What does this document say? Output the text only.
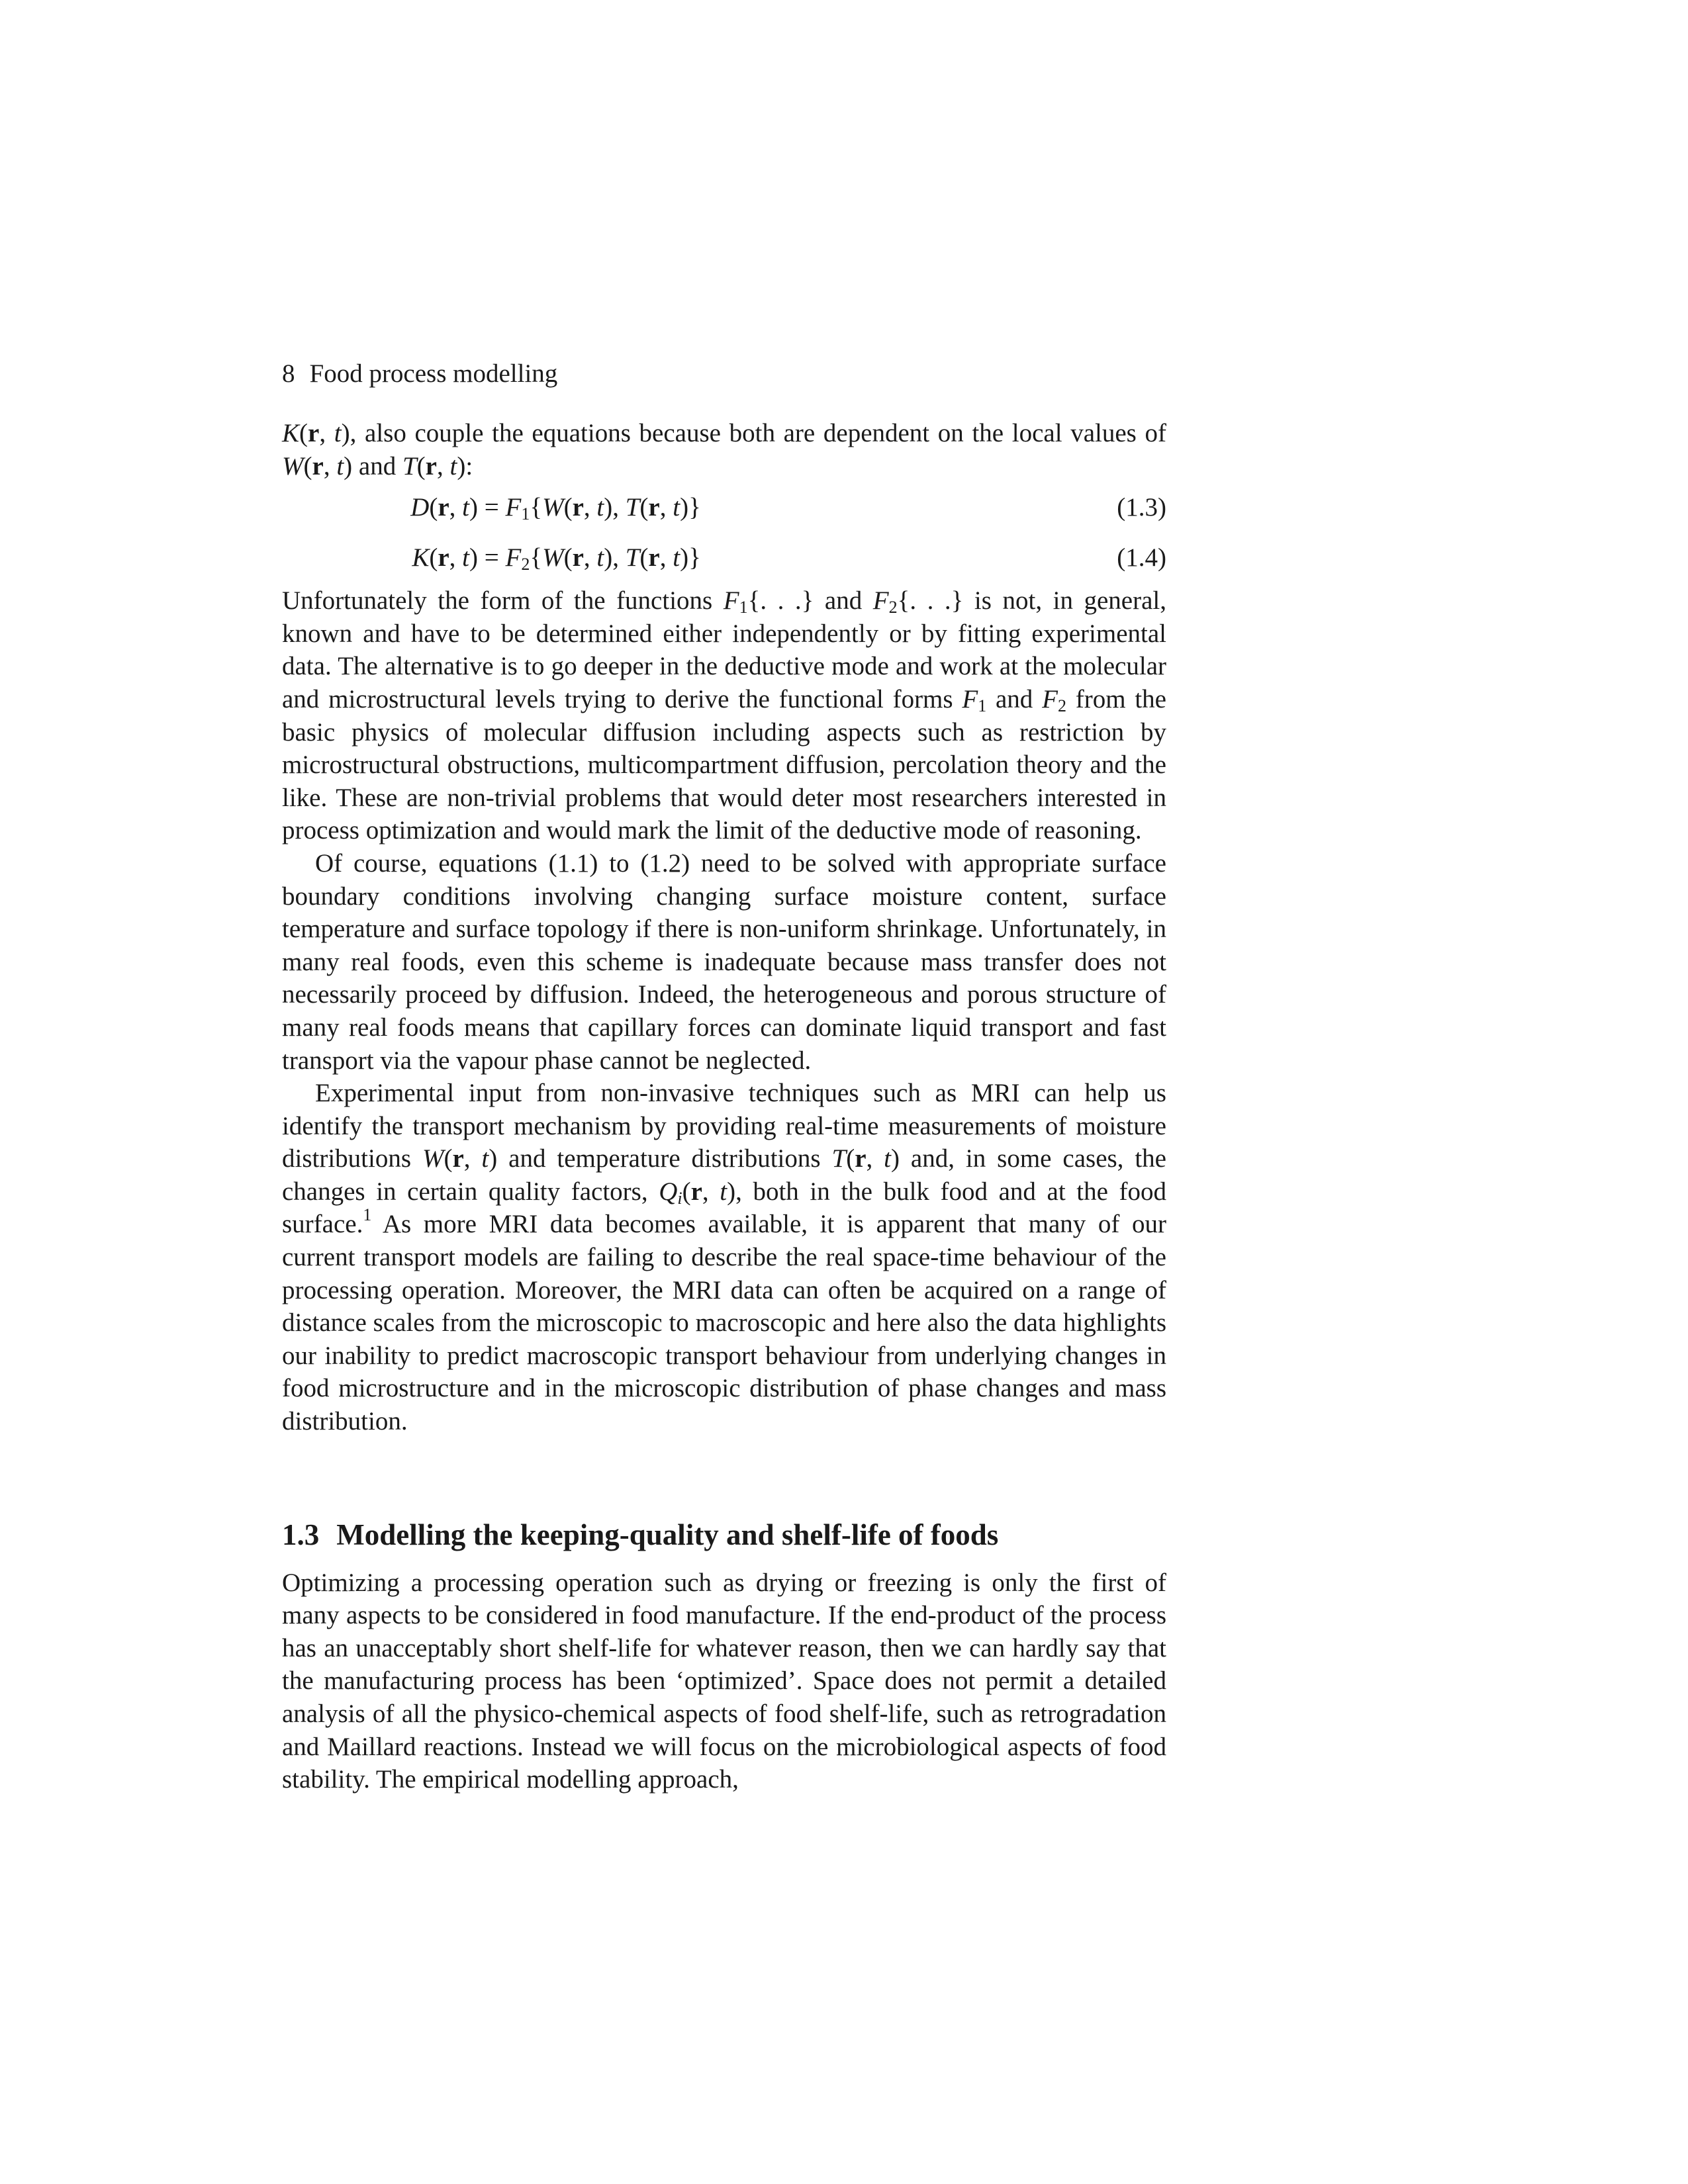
8 Food process modelling

K(r, t), also couple the equations because both are dependent on the local values of W(r, t) and T(r, t):

D(r, $t) = F_1\{W(r$, t), T(r, t)}	(1.3)
K(r, $t) = F_2\{W(r$, t), T(r, t)}	(1.4)

Unfortunately the form of the functions $F_1${. . .} and $F_2${. . .} is not, in general, known and have to be determined either independently or by fitting experimental data. The alternative is to go deeper in the deductive mode and work at the molecular and microstructural levels trying to derive the functional forms $F_1$ and $F_2$ from the basic physics of molecular diffusion including aspects such as restriction by microstructural obstructions, multicompartment diffusion, percolation theory and the like. These are non-trivial problems that would deter most researchers interested in process optimization and would mark the limit of the deductive mode of reasoning.

Of course, equations (1.1) to (1.2) need to be solved with appropriate surface boundary conditions involving changing surface moisture content, surface temperature and surface topology if there is non-uniform shrinkage. Unfortunately, in many real foods, even this scheme is inadequate because mass transfer does not necessarily proceed by diffusion. Indeed, the heterogeneous and porous structure of many real foods means that capillary forces can dominate liquid transport and fast transport via the vapour phase cannot be neglected.

Experimental input from non-invasive techniques such as MRI can help us identify the transport mechanism by providing real-time measurements of moisture distributions W(r, t) and temperature distributions T(r, t) and, in some cases, the changes in certain quality factors, $Q_i(r$, t), both in the bulk food and at the food surface.$^1$ As more MRI data becomes available, it is apparent that many of our current transport models are failing to describe the real space-time behaviour of the processing operation. Moreover, the MRI data can often be acquired on a range of distance scales from the microscopic to macroscopic and here also the data highlights our inability to predict macroscopic transport behaviour from underlying changes in food microstructure and in the microscopic distribution of phase changes and mass distribution.

1.3 Modelling the keeping-quality and shelf-life of foods

Optimizing a processing operation such as drying or freezing is only the first of many aspects to be considered in food manufacture. If the end-product of the process has an unacceptably short shelf-life for whatever reason, then we can hardly say that the manufacturing process has been ‘optimized’. Space does not permit a detailed analysis of all the physico-chemical aspects of food shelf-life, such as retrogradation and Maillard reactions. Instead we will focus on the microbiological aspects of food stability. The empirical modelling approach,
